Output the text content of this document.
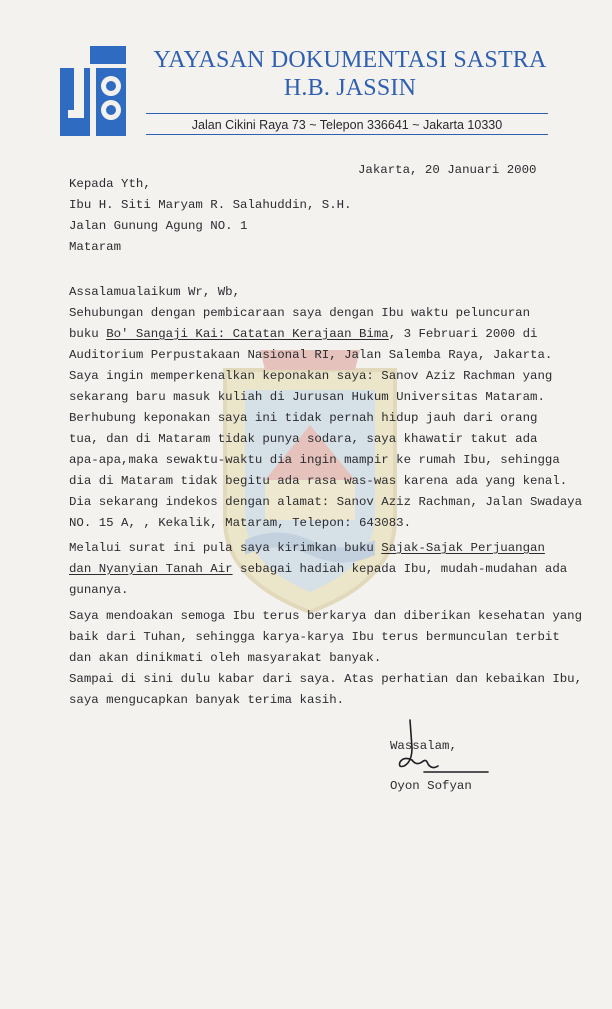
YAYASAN DOKUMENTASI SASTRA
H.B. JASSIN
Jalan Cikini Raya 73 ~ Telepon 336641 ~ Jakarta 10330
Jakarta, 20 Januari 2000
Kepada Yth,
Ibu H. Siti Maryam R. Salahuddin, S.H.
Jalan Gunung Agung NO. 1
Mataram
Assalamualaikum Wr, Wb,
Sehubungan dengan pembicaraan saya dengan Ibu waktu peluncuran
buku Bo' Sangaji Kai: Catatan Kerajaan Bima, 3 Februari 2000 di
Auditorium Perpustakaan Nasional RI, Jalan Salemba Raya, Jakarta.
Saya ingin memperkenalkan keponakan saya: Sanov Aziz Rachman yang
sekarang baru masuk kuliah di Jurusan Hukum Universitas Mataram.
Berhubung keponakan saya ini tidak pernah hidup jauh dari orang
tua, dan di Mataram tidak punya sodara, saya khawatir takut ada
apa-apa,maka sewaktu-waktu dia ingin mampir ke rumah Ibu, sehingga
dia di Mataram tidak begitu ada rasa was-was karena ada yang kenal.
Dia sekarang indekos dengan alamat: Sanov Aziz Rachman, Jalan Swadaya
NO. 15 A, , Kekalik, Mataram, Telepon: 643083.
Melalui surat ini pula saya kirimkan buku Sajak-Sajak Perjuangan
dan Nyanyian Tanah Air sebagai hadiah kepada Ibu, mudah-mudahan ada
gunanya.
Saya mendoakan semoga Ibu terus berkarya dan diberikan kesehatan yang
baik dari Tuhan, sehingga karya-karya Ibu terus bermunculan terbit
dan akan dinikmati oleh masyarakat banyak.
Sampai di sini dulu kabar dari saya. Atas perhatian dan kebaikan Ibu,
saya mengucapkan banyak terima kasih.
Wassalam,
Oyon Sofyan
